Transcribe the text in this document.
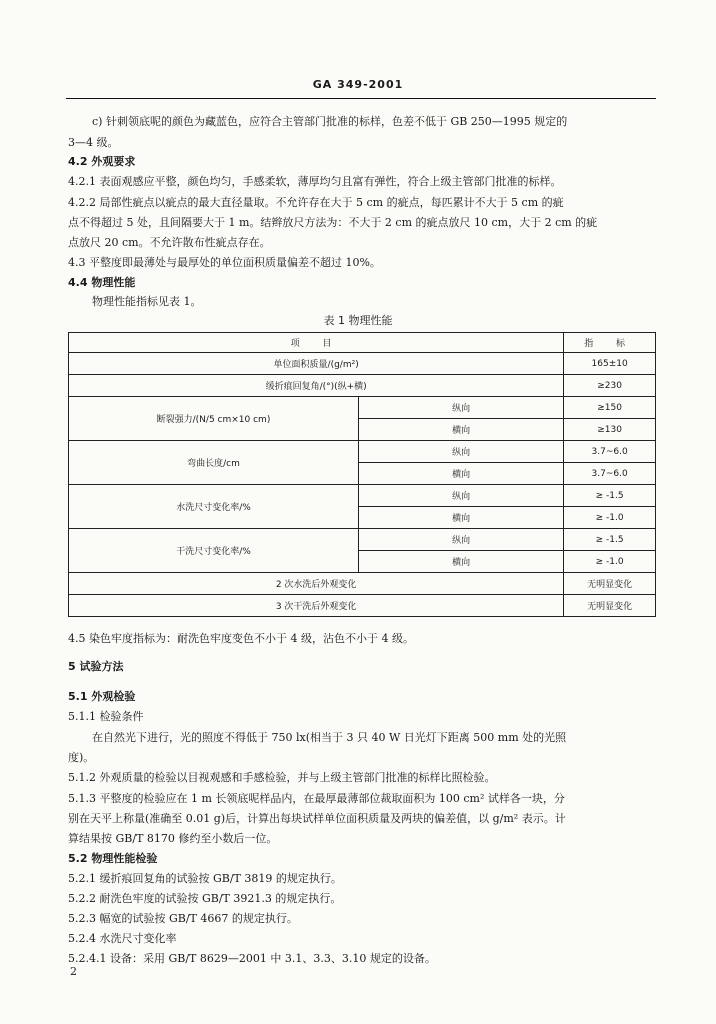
GA 349-2001
c) 针刺领底呢的颜色为藏蓝色，应符合主管部门批准的标样，色差不低于 GB 250—1995 规定的
3—4 级。
4.2 外观要求
4.2.1 表面观感应平整，颜色均匀，手感柔软，薄厚均匀且富有弹性，符合上级主管部门批准的标样。
4.2.2 局部性疵点以疵点的最大直径量取。不允许存在大于 5 cm 的疵点，每匹累计不大于 5 cm 的疵
点不得超过 5 处，且间隔要大于 1 m。结辫放尺方法为：不大于 2 cm 的疵点放尺 10 cm，大于 2 cm 的疵
点放尺 20 cm。不允许散布性疵点存在。
4.3 平整度即最薄处与最厚处的单位面积质量偏差不超过 10%。
4.4 物理性能
物理性能指标见表 1。
表 1 物理性能
项 目		指 标
单位面积质量/(g/m²)		165±10
缓折痕回复角/(°)(纵+横)		≥230
断裂强力/(N/5 cm×10 cm)	纵向	≥150
	横向	≥130
弯曲长度/cm	纵向	3.7~6.0
	横向	3.7~6.0
水洗尺寸变化率/%	纵向	≥ -1.5
	横向	≥ -1.0
干洗尺寸变化率/%	纵向	≥ -1.5
	横向	≥ -1.0
2 次水洗后外观变化		无明显变化
3 次干洗后外观变化		无明显变化
4.5 染色牢度指标为：耐洗色牢度变色不小于 4 级，沾色不小于 4 级。
5 试验方法
5.1 外观检验
5.1.1 检验条件
在自然光下进行，光的照度不得低于 750 lx(相当于 3 只 40 W 日光灯下距离 500 mm 处的光照
度)。
5.1.2 外观质量的检验以目视观感和手感检验，并与上级主管部门批准的标样比照检验。
5.1.3 平整度的检验应在 1 m 长领底呢样品内，在最厚最薄部位裁取面积为 100 cm² 试样各一块，分
别在天平上称量(准确至 0.01 g)后，计算出每块试样单位面积质量及两块的偏差值，以 g/m² 表示。计
算结果按 GB/T 8170 修约至小数后一位。
5.2 物理性能检验
5.2.1 缓折痕回复角的试验按 GB/T 3819 的规定执行。
5.2.2 耐洗色牢度的试验按 GB/T 3921.3 的规定执行。
5.2.3 幅宽的试验按 GB/T 4667 的规定执行。
5.2.4 水洗尺寸变化率
5.2.4.1 设备：采用 GB/T 8629—2001 中 3.1、3.3、3.10 规定的设备。
2
